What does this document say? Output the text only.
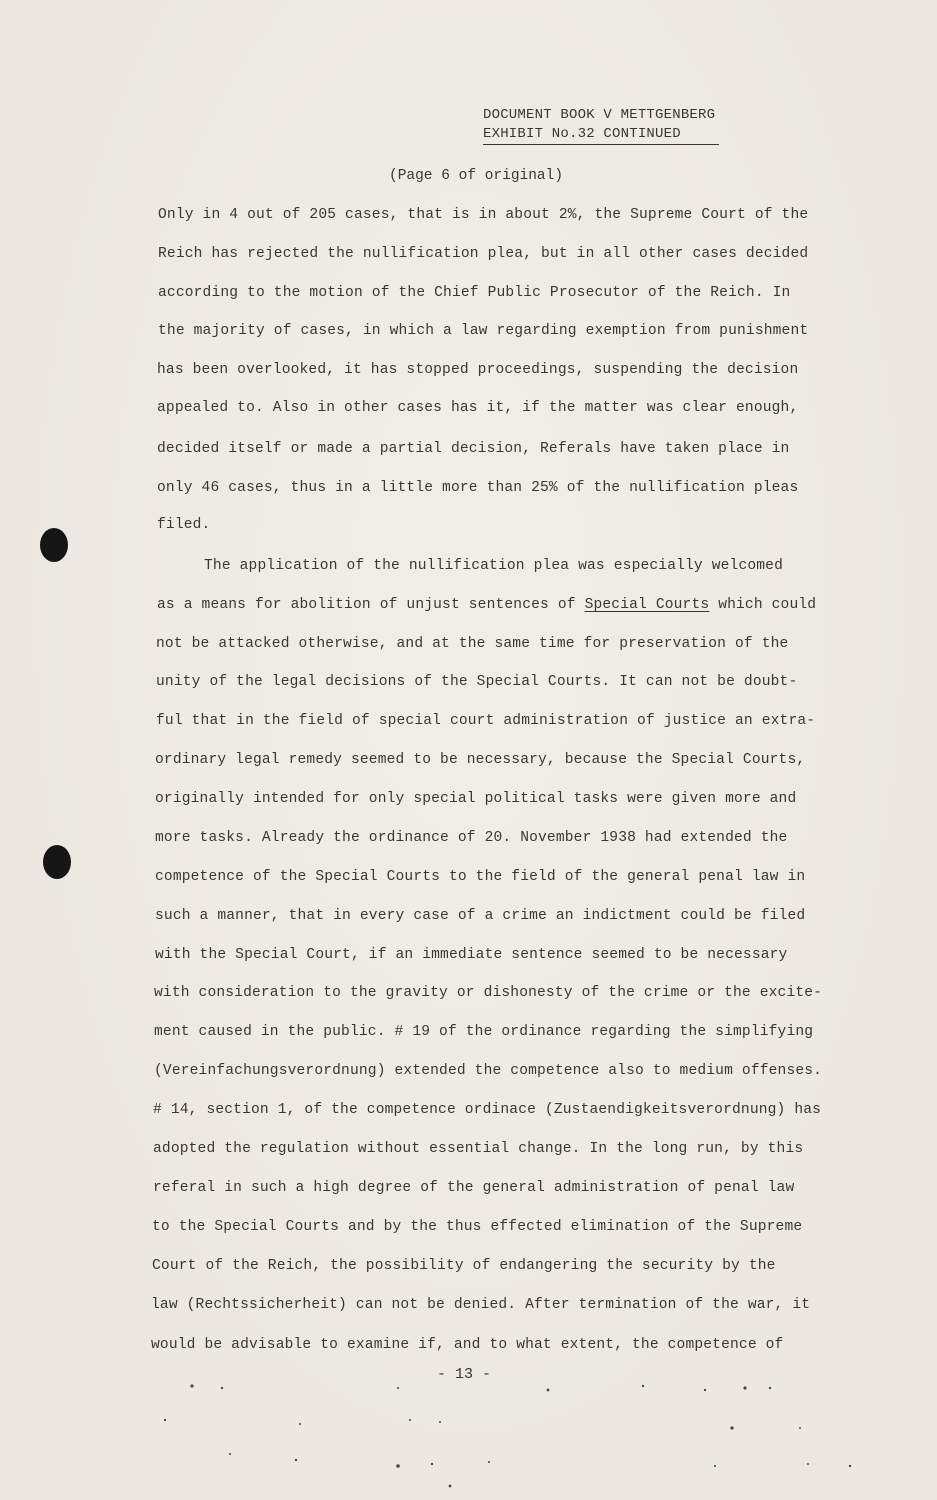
DOCUMENT BOOK V METTGENBERG
EXHIBIT No.32 CONTINUED
(Page 6 of original)
Only in 4 out of 205 cases, that is in about 2%, the Supreme Court of the
Reich has rejected the nullification plea, but in all other cases decided
according to the motion of the Chief Public Prosecutor of the Reich. In
the majority of cases, in which a law regarding exemption from punishment
has been overlooked, it has stopped proceedings, suspending the decision
appealed to. Also in other cases has it, if the matter was clear enough,
decided itself or made a partial decision, Referals have taken place in
only 46 cases, thus in a little more than 25% of the nullification pleas
filed.
The application of the nullification plea was especially welcomed
as a means for abolition of unjust sentences of Special Courts which could
not be attacked otherwise, and at the same time for preservation of the
unity of the legal decisions of the Special Courts. It can not be doubt-
ful that in the field of special court administration of justice an extra-
ordinary legal remedy seemed to be necessary, because the Special Courts,
originally intended for only special political tasks were given more and
more tasks. Already the ordinance of 20. November 1938 had extended the
competence of the Special Courts to the field of the general penal law in
such a manner, that in every case of a crime an indictment could be filed
with the Special Court, if an immediate sentence seemed to be necessary
with consideration to the gravity or dishonesty of the crime or the excite-
ment caused in the public. # 19 of the ordinance regarding the simplifying
(Vereinfachungsverordnung) extended the competence also to medium offenses.
# 14, section 1, of the competence ordinace (Zustaendigkeitsverordnung) has
adopted the regulation without essential change. In the long run, by this
referal in such a high degree of the general administration of penal law
to the Special Courts and by the thus effected elimination of the Supreme
Court of the Reich, the possibility of endangering the security by the
law (Rechtssicherheit) can not be denied. After termination of the war, it
would be advisable to examine if, and to what extent, the competence of
- 13 -
